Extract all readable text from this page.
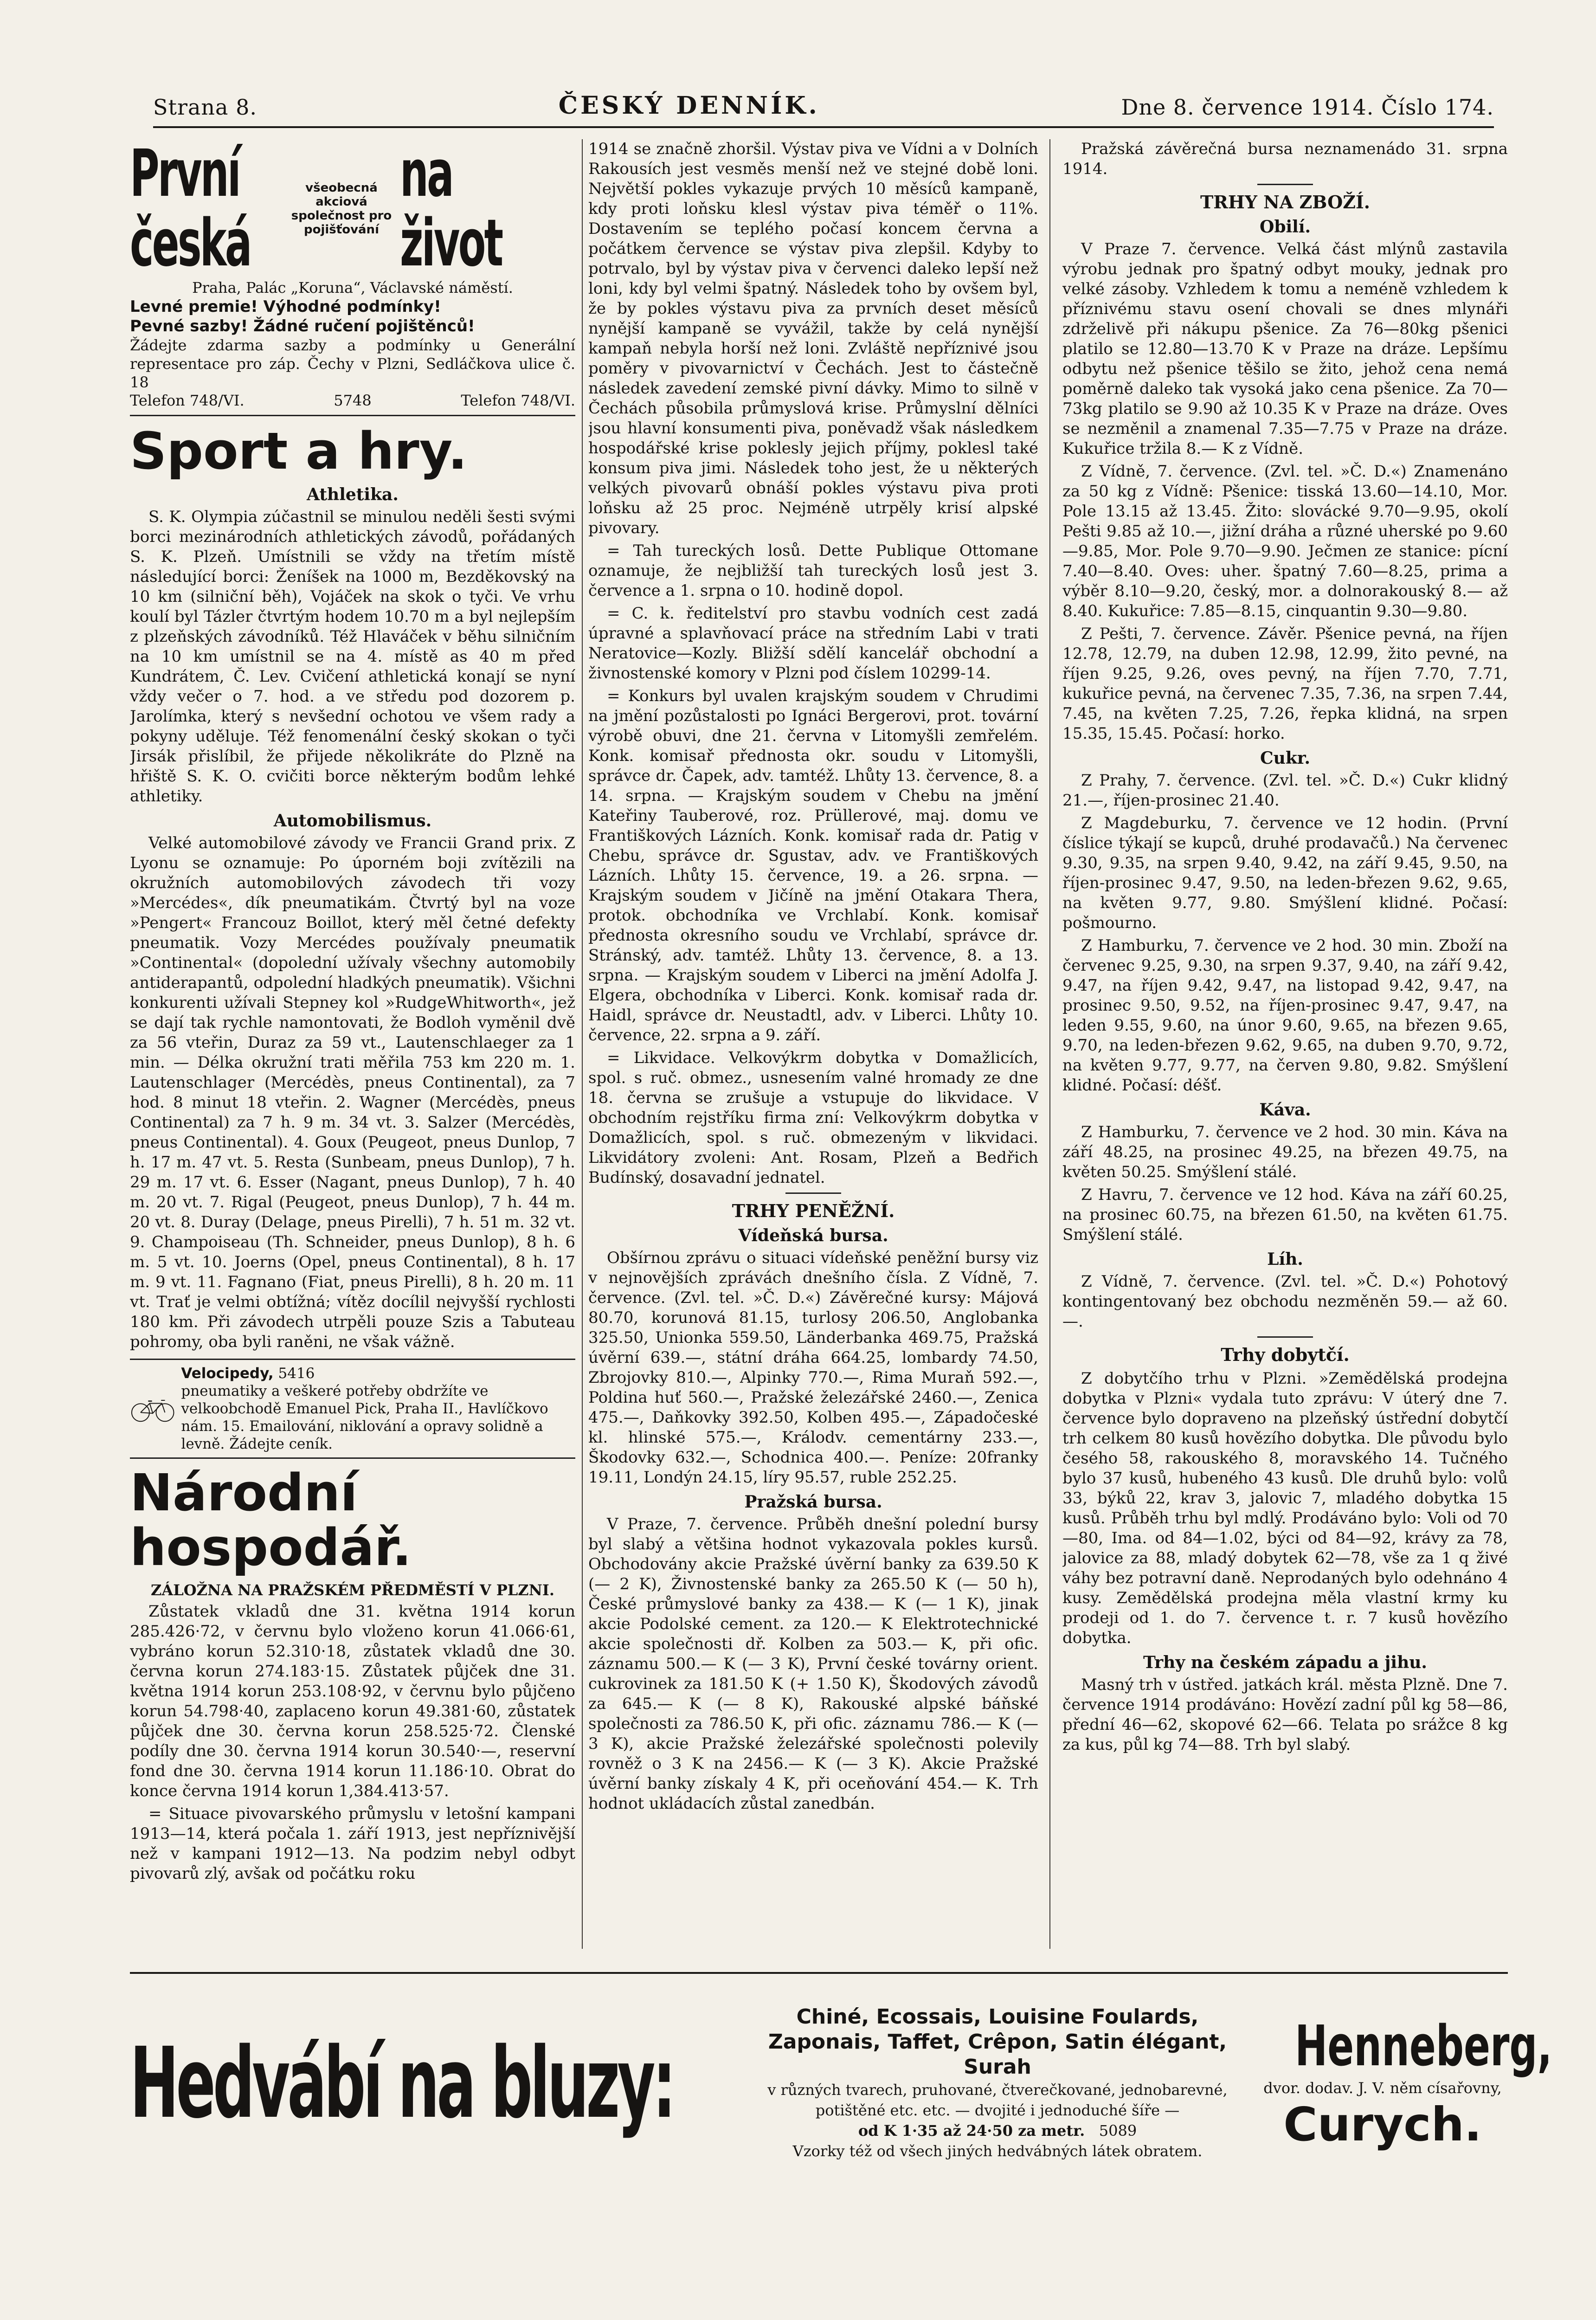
Strana 8.	ČESKÝ DENNÍK.	Dne 8. července 1914. Číslo 174.
První česká
všeobecná akciová společnost pro pojišťování
na život
Praha, Palác „Koruna“, Václavské náměstí.
Levné premie! Výhodné podmínky!
Pevné sazby! Žádné ručení pojištěnců!
Žádejte zdarma sazby a podmínky u Generální representace pro záp. Čechy v Plzni, Sedláčkova ulice č. 18
Telefon 748/VI.	5748	Telefon 748/VI.
Sport a hry.
Athletika.

S. K. Olympia zúčastnil se minulou neděli šesti svými borci mezinárodních athletických závodů, pořádaných S. K. Plzeň. Umístnili se vždy na třetím místě následující borci: Ženíšek na 1000 m, Bezděkovský na 10 km (silniční běh), Vojáček na skok o tyči. Ve vrhu koulí byl Tázler čtvrtým hodem 10.70 m a byl nejlepším z plzeňských závodníků. Též Hlaváček v běhu silničním na 10 km umístnil se na 4. místě as 40 m před Kundrátem, Č. Lev. Cvičení athletická konají se nyní vždy večer o 7. hod. a ve středu pod dozorem p. Jarolímka, který s nevšední ochotou ve všem rady a pokyny uděluje. Též fenomenální český skokan o tyči Jirsák přislíbil, že přijede několikráte do Plzně na hřiště S. K. O. cvičiti borce některým bodům lehké athletiky.

Automobilismus.

Velké automobilové závody ve Francii Grand prix. Z Lyonu se oznamuje: Po úporném boji zvítězili na okružních automobilových závodech tři vozy »Mercédes«, dík pneumatikám. Čtvrtý byl na voze »Pengert« Francouz Boillot, který měl četné defekty pneumatik. Vozy Mercédes používaly pneumatik »Continental« (dopolední užívaly všechny automobily antiderapantů, odpolední hladkých pneumatik). Všichni konkurenti užívali Stepney kol »RudgeWhitworth«, jež se dají tak rychle namontovati, že Bodloh vyměnil dvě za 56 vteřin, Duraz za 59 vt., Lautenschlaeger za 1 min. — Délka okružní trati měřila 753 km 220 m. 1. Lautenschlager (Mercédès, pneus Continental), za 7 hod. 8 minut 18 vteřin. 2. Wagner (Mercédès, pneus Continental) za 7 h. 9 m. 34 vt. 3. Salzer (Mercédès, pneus Continental). 4. Goux (Peugeot, pneus Dunlop, 7 h. 17 m. 47 vt. 5. Resta (Sunbeam, pneus Dunlop), 7 h. 29 m. 17 vt. 6. Esser (Nagant, pneus Dunlop), 7 h. 40 m. 20 vt. 7. Rigal (Peugeot, pneus Dunlop), 7 h. 44 m. 20 vt. 8. Duray (Delage, pneus Pirelli), 7 h. 51 m. 32 vt. 9. Champoiseau (Th. Schneider, pneus Dunlop), 8 h. 6 m. 5 vt. 10. Joerns (Opel, pneus Continental), 8 h. 17 m. 9 vt. 11. Fagnano (Fiat, pneus Pirelli), 8 h. 20 m. 11 vt. Trať je velmi obtížná; vítěz docílil nejvyšší rychlosti 180 km. Při závodech utrpěli pouze Szis a Tabuteau pohromy, oba byli raněni, ne však vážně.

Velocipedy, 5416
pneumatiky a veškeré potřeby obdržíte ve velkoobchodě Emanuel Pick, Praha II., Havlíčkovo nám. 15. Emailování, niklování a opravy solidně a levně. Žádejte ceník.
Národní hospodář.
ZÁLOŽNA NA PRAŽSKÉM PŘEDMĚSTÍ V PLZNI.

Zůstatek vkladů dne 31. května 1914 korun 285.426·72, v červnu bylo vloženo korun 41.066·61, vybráno korun 52.310·18, zůstatek vkladů dne 30. června korun 274.183·15. Zůstatek půjček dne 31. května 1914 korun 253.108·92, v červnu bylo půjčeno korun 54.798·40, zaplaceno korun 49.381·60, zůstatek půjček dne 30. června korun 258.525·72. Členské podíly dne 30. června 1914 korun 30.540·—, reservní fond dne 30. června 1914 korun 11.186·10. Obrat do konce června 1914 korun 1,384.413·57.

= Situace pivovarského průmyslu v letošní kampani 1913—14, která počala 1. září 1913, jest nepříznivější než v kampani 1912—13. Na podzim nebyl odbyt pivovarů zlý, avšak od počátku roku

1914 se značně zhoršil. Výstav piva ve Vídni a v Dolních Rakousích jest vesměs menší než ve stejné době loni. Největší pokles vykazuje prvých 10 měsíců kampaně, kdy proti loňsku klesl výstav piva téměř o 11%. Dostavením se teplého počasí koncem června a počátkem července se výstav piva zlepšil. Kdyby to potrvalo, byl by výstav piva v červenci daleko lepší než loni, kdy byl velmi špatný. Následek toho by ovšem byl, že by pokles výstavu piva za prvních deset měsíců nynější kampaně se vyvážil, takže by celá nynější kampaň nebyla horší než loni. Zvláště nepříznivé jsou poměry v pivovarnictví v Čechách. Jest to částečně následek zavedení zemské pivní dávky. Mimo to silně v Čechách působila průmyslová krise. Průmyslní dělníci jsou hlavní konsumenti piva, poněvadž však následkem hospodářské krise poklesly jejich příjmy, poklesl také konsum piva jimi. Následek toho jest, že u některých velkých pivovarů obnáší pokles výstavu piva proti loňsku až 25 proc. Nejméně utrpěly krisí alpské pivovary.

= Tah tureckých losů. Dette Publique Ottomane oznamuje, že nejbližší tah tureckých losů jest 3. července a 1. srpna o 10. hodině dopol.

= C. k. ředitelství pro stavbu vodních cest zadá úpravné a splavňovací práce na středním Labi v trati Neratovice—Kozly. Bližší sdělí kancelář obchodní a živnostenské komory v Plzni pod číslem 10299-14.

= Konkurs byl uvalen krajským soudem v Chrudimi na jmění pozůstalosti po Ignáci Bergerovi, prot. tovární výrobě obuvi, dne 21. června v Litomyšli zemřelém. Konk. komisař přednosta okr. soudu v Litomyšli, správce dr. Čapek, adv. tamtéž. Lhůty 13. července, 8. a 14. srpna. — Krajským soudem v Chebu na jmění Kateřiny Tauberové, roz. Prüllerové, maj. domu ve Františkových Lázních. Konk. komisař rada dr. Patig v Chebu, správce dr. Sgustav, adv. ve Františkových Lázních. Lhůty 15. července, 19. a 26. srpna. — Krajským soudem v Jičíně na jmění Otakara Thera, protok. obchodníka ve Vrchlabí. Konk. komisař přednosta okresního soudu ve Vrchlabí, správce dr. Stránský, adv. tamtéž. Lhůty 13. července, 8. a 13. srpna. — Krajským soudem v Liberci na jmění Adolfa J. Elgera, obchodníka v Liberci. Konk. komisař rada dr. Haidl, správce dr. Neustadtl, adv. v Liberci. Lhůty 10. července, 22. srpna a 9. září.

= Likvidace. Velkovýkrm dobytka v Domažlicích, spol. s ruč. obmez., usnesením valné hromady ze dne 18. června se zrušuje a vstupuje do likvidace. V obchodním rejstříku firma zní: Velkovýkrm dobytka v Domažlicích, spol. s ruč. obmezeným v likvidaci. Likvidátory zvoleni: Ant. Rosam, Plzeň a Bedřich Budínský, dosavadní jednatel.

TRHY PENĚŽNÍ.
Vídeňská bursa.

Obšírnou zprávu o situaci vídeňské peněžní bursy viz v nejnovějších zprávách dnešního čísla. Z Vídně, 7. července. (Zvl. tel. »Č. D.«) Závěrečné kursy: Májová 80.70, korunová 81.15, turlosy 206.50, Anglobanka 325.50, Unionka 559.50, Länderbanka 469.75, Pražská úvěrní 639.—, státní dráha 664.25, lombardy 74.50, Zbrojovky 810.—, Alpinky 770.—, Rima Muraň 592.—, Poldina huť 560.—, Pražské železářské 2460.—, Zenica 475.—, Daňkovky 392.50, Kolben 495.—, Západočeské kl. hlinské 575.—, Králodv. cementárny 233.—, Škodovky 632.—, Schodnica 400.—. Peníze: 20franky 19.11, Londýn 24.15, líry 95.57, ruble 252.25.

Pražská bursa.

V Praze, 7. července. Průběh dnešní polední bursy byl slabý a většina hodnot vykazovala pokles kursů. Obchodovány akcie Pražské úvěrní banky za 639.50 K (— 2 K), Živnostenské banky za 265.50 K (— 50 h), České průmyslové banky za 438.— K (— 1 K), jinak akcie Podolské cement. za 120.— K Elektrotechnické akcie společnosti dř. Kolben za 503.— K, při ofic. záznamu 500.— K (— 3 K), První české továrny orient. cukrovinek za 181.50 K (+ 1.50 K), Škodových závodů za 645.— K (— 8 K), Rakouské alpské báňské společnosti za 786.50 K, při ofic. záznamu 786.— K (— 3 K), akcie Pražské železářské společnosti polevily rovněž o 3 K na 2456.— K (— 3 K). Akcie Pražské úvěrní banky získaly 4 K, při oceňování 454.— K. Trh hodnot ukládacích zůstal zanedbán.

Pražská závěrečná bursa neznamenádo 31. srpna 1914.

TRHY NA ZBOŽÍ.
Obilí.

V Praze 7. července. Velká část mlýnů zastavila výrobu jednak pro špatný odbyt mouky, jednak pro velké zásoby. Vzhledem k tomu a neméně vzhledem k příznivému stavu osení chovali se dnes mlynáři zdrželivě při nákupu pšenice. Za 76—80kg pšenici platilo se 12.80—13.70 K v Praze na dráze. Lepšímu odbytu než pšenice těšilo se žito, jehož cena nemá poměrně daleko tak vysoká jako cena pšenice. Za 70—73kg platilo se 9.90 až 10.35 K v Praze na dráze. Oves se nezměnil a znamenal 7.35—7.75 v Praze na dráze. Kukuřice tržila 8.— K z Vídně.

Z Vídně, 7. července. (Zvl. tel. »Č. D.«) Znamenáno za 50 kg z Vídně: Pšenice: tisská 13.60—14.10, Mor. Pole 13.15 až 13.45. Žito: slovácké 9.70—9.95, okolí Pešti 9.85 až 10.—, jižní dráha a různé uherské po 9.60—9.85, Mor. Pole 9.70—9.90. Ječmen ze stanice: pícní 7.40—8.40. Oves: uher. špatný 7.60—8.25, prima a výběr 8.10—9.20, český, mor. a dolnorakouský 8.— až 8.40. Kukuřice: 7.85—8.15, cinquantin 9.30—9.80.

Z Pešti, 7. července. Závěr. Pšenice pevná, na říjen 12.78, 12.79, na duben 12.98, 12.99, žito pevné, na říjen 9.25, 9.26, oves pevný, na říjen 7.70, 7.71, kukuřice pevná, na červenec 7.35, 7.36, na srpen 7.44, 7.45, na květen 7.25, 7.26, řepka klidná, na srpen 15.35, 15.45. Počasí: horko.

Cukr.

Z Prahy, 7. července. (Zvl. tel. »Č. D.«) Cukr klidný 21.—, říjen-prosinec 21.40.

Z Magdeburku, 7. července ve 12 hodin. (První číslice týkají se kupců, druhé prodavačů.) Na červenec 9.30, 9.35, na srpen 9.40, 9.42, na září 9.45, 9.50, na říjen-prosinec 9.47, 9.50, na leden-březen 9.62, 9.65, na květen 9.77, 9.80. Smýšlení klidné. Počasí: pošmourno.

Z Hamburku, 7. července ve 2 hod. 30 min. Zboží na červenec 9.25, 9.30, na srpen 9.37, 9.40, na září 9.42, 9.47, na říjen 9.42, 9.47, na listopad 9.42, 9.47, na prosinec 9.50, 9.52, na říjen-prosinec 9.47, 9.47, na leden 9.55, 9.60, na únor 9.60, 9.65, na březen 9.65, 9.70, na leden-březen 9.62, 9.65, na duben 9.70, 9.72, na květen 9.77, 9.77, na červen 9.80, 9.82. Smýšlení klidné. Počasí: déšť.

Káva.

Z Hamburku, 7. července ve 2 hod. 30 min. Káva na září 48.25, na prosinec 49.25, na březen 49.75, na květen 50.25. Smýšlení stálé.

Z Havru, 7. července ve 12 hod. Káva na září 60.25, na prosinec 60.75, na březen 61.50, na květen 61.75. Smýšlení stálé.

Líh.

Z Vídně, 7. července. (Zvl. tel. »Č. D.«) Pohotový kontingentovaný bez obchodu nezměněn 59.— až 60.—.

Trhy dobytčí.

Z dobytčího trhu v Plzni. »Zemědělská prodejna dobytka v Plzni« vydala tuto zprávu: V úterý dne 7. července bylo dopraveno na plzeňský ústřední dobytčí trh celkem 80 kusů hovězího dobytka. Dle původu bylo česého 58, rakouského 8, moravského 14. Tučného bylo 37 kusů, hubeného 43 kusů. Dle druhů bylo: volů 33, býků 22, krav 3, jalovic 7, mladého dobytka 15 kusů. Průběh trhu byl mdlý. Prodáváno bylo: Voli od 70—80, Ima. od 84—1.02, býci od 84—92, krávy za 78, jalovice za 88, mladý dobytek 62—78, vše za 1 q živé váhy bez potravní daně. Neprodaných bylo odehnáno 4 kusy. Zemědělská prodejna měla vlastní krmy ku prodeji od 1. do 7. července t. r. 7 kusů hovězího dobytka.

Trhy na českém západu a jihu.

Masný trh v ústřed. jatkách král. města Plzně. Dne 7. července 1914 prodáváno: Hovězí zadní půl kg 58—86, přední 46—62, skopové 62—66. Telata po srážce 8 kg za kus, půl kg 74—88. Trh byl slabý.

Hedvábí na bluzy:
Chiné, Ecossais, Louisine Foulards, Zaponais, Taffet, Crêpon, Satin élégant, Surah
v různých tvarech, pruhované, čtverečkované, jednobarevné, potištěné etc. etc. — dvojité i jednoduché šíře —
od K 1·35 až 24·50 za metr. 5089
Vzorky též od všech jiných hedvábných látek obratem.
Henneberg,
dvor. dodav. J. V. něm císařovny,
Curych.
